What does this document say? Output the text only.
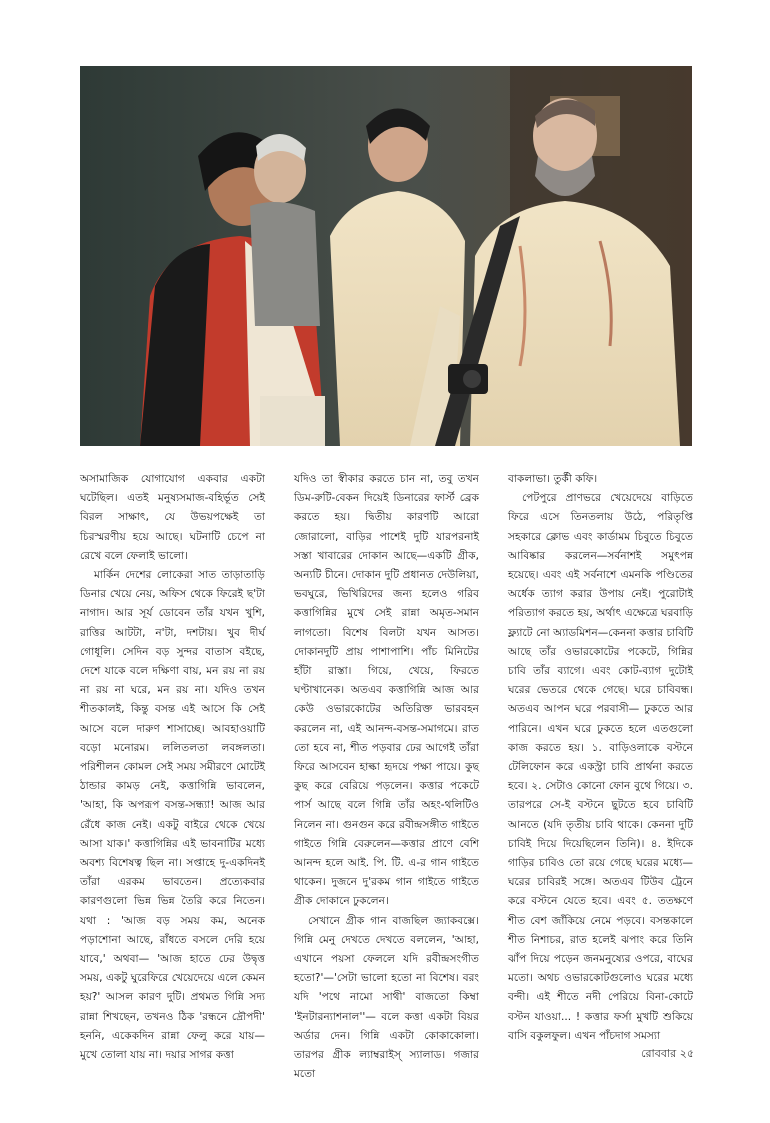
অসামাজিক যোগাযোগ একবার একটা ঘটেছিল। এতই মনুষ্যসমাজ-বহির্ভূত সেই বিরল সাক্ষাৎ, যে উভয়পক্ষেই তা চিরস্মরণীয় হয়ে আছে। ঘটনাটি চেপে না রেখে বলে ফেলাই ভালো।

মার্কিন দেশের লোকেরা সাত তাড়াতাড়ি ডিনার খেয়ে নেয়, অফিস থেকে ফিরেই ছ'টা নাগাদ। আর সূর্য ডোবেন তাঁর যখন খুশি, রাত্তির আটটা, ন'টা, দশটায়। খুব দীর্ঘ গোধূলি। সেদিন বড় সুন্দর বাতাস বইছে, দেশে যাকে বলে দক্ষিণা বায়, মন রয় না রয় না রয় না ঘরে, মন রয় না। যদিও তখন শীতকালই, কিন্তু বসন্ত এই আসে কি সেই আসে বলে দারুণ শাসাচ্ছে। আবহাওয়াটি বড়ো মনোরম। ললিতলতা লবঙ্গলতা। পরিশীলন কোমল সেই সময় সমীরণে মোটেই ঠান্ডার কামড় নেই, কত্তাগিন্নি ভাবলেন, 'আহা, কি অপরূপ বসন্ত-সন্ধ্যা! আজ আর রেঁধে কাজ নেই। একটু বাইরে থেকে খেয়ে আসা যাক।' কত্তাগিন্নির এই ভাবনাটির মধ্যে অবশ্য বিশেষত্ব ছিল না। সপ্তাহে দু-একদিনই তাঁরা এরকম ভাবতেন। প্রত্যেকবার কারণগুলো ভিন্ন ভিন্ন তৈরি করে নিতেন। যথা : 'আজ বড় সময় কম, অনেক পড়াশোনা আছে, রাঁধতে বসলে দেরি হয়ে যাবে,' অথবা— 'আজ হাতে ঢের উদ্বৃত্ত সময়, একটু ঘুরেফিরে খেয়েদেয়ে এলে কেমন হয়?' আসল কারণ দুটি। প্রথমত গিন্নি সদ্য রান্না শিখছেন, তখনও ঠিক 'রন্ধনে দ্রৌপদী' হননি, একেকদিন রান্না ফেলু করে যায়— মুখে তোলা যায় না। দয়ার সাগর কত্তা

যদিও তা স্বীকার করতে চান না, তবু তখন ডিম-রুটি-বেকন দিয়েই ডিনারের ফার্স্ট ব্রেক করতে হয়। দ্বিতীয় কারণটি আরো জোরালো, বাড়ির পাশেই দুটি যারপরনাই সস্তা খাবারের দোকান আছে—একটি গ্রীক, অন্যটি চীনে। দোকান দুটি প্রধানত দেউলিয়া, ভবঘুরে, ভিখিরিদের জন্য হলেও গরিব কত্তাগিন্নির মুখে সেই রান্না অমৃত-সমান লাগতো। বিশেষ বিলটা যখন আসত। দোকানদুটি প্রায় পাশাপাশি। পাঁচ মিনিটের হাঁটা রাস্তা। গিয়ে, খেয়ে, ফিরতে ঘণ্টাখানেক। অতএব কত্তাগিন্নি আজ আর কেউ ওভারকোটের অতিরিক্ত ভারবহন করলেন না, এই আনন্দ-বসন্ত-সমাগমে। রাত তো হবে না, শীত পড়বার ঢের আগেই তাঁরা ফিরে আসবেন হাল্কা হৃদয়ে পক্ষা পায়ে। কুছ কুছ করে বেরিয়ে পড়লেন। কত্তার পকেটে পার্স আছে বলে গিন্নি তাঁর অহং-থলিটিও নিলেন না। গুনগুন করে রবীন্দ্রসঙ্গীত গাইতে গাইতে গিন্নি বেরুলেন—কত্তার প্রাণে বেশি আনন্দ হলে আই. পি. টি. এ-র গান গাইতে থাকেন। দুজনে দু'রকম গান গাইতে গাইতে গ্রীক দোকানে ঢুকলেন।

সেখানে গ্রীক গান বাজছিল জ্যাকবক্সে। গিন্নি মেনু দেখতে দেখতে বললেন, 'আহা, এখানে পয়সা ফেললে যদি রবীন্দ্রসংগীত হতো?'—'সেটা ভালো হতো না বিশেষ। বরং যদি 'পথে নামো সাথী' বাজতো কিম্বা 'ইনটারন্যাশনাল''— বলে কত্তা একটা বিয়র অর্ডার দেন। গিন্নি একটা কোকাকোলা। তারপর গ্রীক ল্যাম্বরাইস্ স্যালাড। গজার মতো

বাকলাভা। তুর্কী কফি।

পেটপুরে প্রাণভরে খেয়েদেয়ে বাড়িতে ফিরে এসে তিনতলায় উঠে, পরিতৃপ্তি সহকারে ক্লোভ এবং কার্ডামম চিবুতে চিবুতে আবিষ্কার করলেন—সর্বনাশই সমুৎপন্ন হয়েছে। এবং এই সর্বনাশে এমনকি পণ্ডিতের অর্ধেক ত্যাগ করার উপায় নেই। পুরোটাই পরিত্যাগ করতে হয়, অর্থাৎ এক্ষেত্রে ঘরবাড়ি ফ্ল্যাটে নো অ্যাডমিশন—কেননা কত্তার চাবিটি আছে তাঁর ওভারকোটের পকেটে, গিন্নির চাবি তাঁর ব্যাগে। এবং কোট-ব্যাগ দুটোই ঘরের ভেতরে থেকে গেছে। ঘরে চাবিবন্ধ। অতএব আপন ঘরে পরবাসী— ঢুকতে আর পারিনে। এখন ঘরে ঢুকতে হলে এতগুলো কাজ করতে হয়। ১. বাড়িওলাকে বস্টনে টেলিফোন করে একস্ট্রা চাবি প্রার্থনা করতে হবে। ২. সেটাও কোনো ফোন বুথে গিয়ে। ৩. তারপরে সে-ই বস্টনে ছুটতে হবে চাবিটি আনতে (যদি তৃতীয় চাবি থাকে। কেননা দুটি চাবিই দিয়ে দিয়েছিলেন তিনি)। ৪. ইদিকে গাড়ির চাবিও তো রয়ে গেছে ঘরের মধ্যে—ঘরের চাবিরই সঙ্গে। অতএব টিউব ট্রেনে করে বস্টনে যেতে হবে। এবং ৫. ততক্ষণে শীত বেশ জাঁকিয়ে নেমে পড়বে। বসন্তকালে শীত নিশাচর, রাত হলেই ঝপাং করে তিনি ঝাঁপ দিয়ে পড়েন জনমনুষ্যের ওপরে, বাঘের মতো। অথচ ওভারকোটগুলোও ঘরের মধ্যে বন্দী। এই শীতে নদী পেরিয়ে বিনা-কোটে বস্টন যাওয়া... ! কত্তার ফর্সা মুখটি শুকিয়ে বাসি বকুলফুল। এখন পাঁচদাগ সমস্যা

রোববার ২৫
